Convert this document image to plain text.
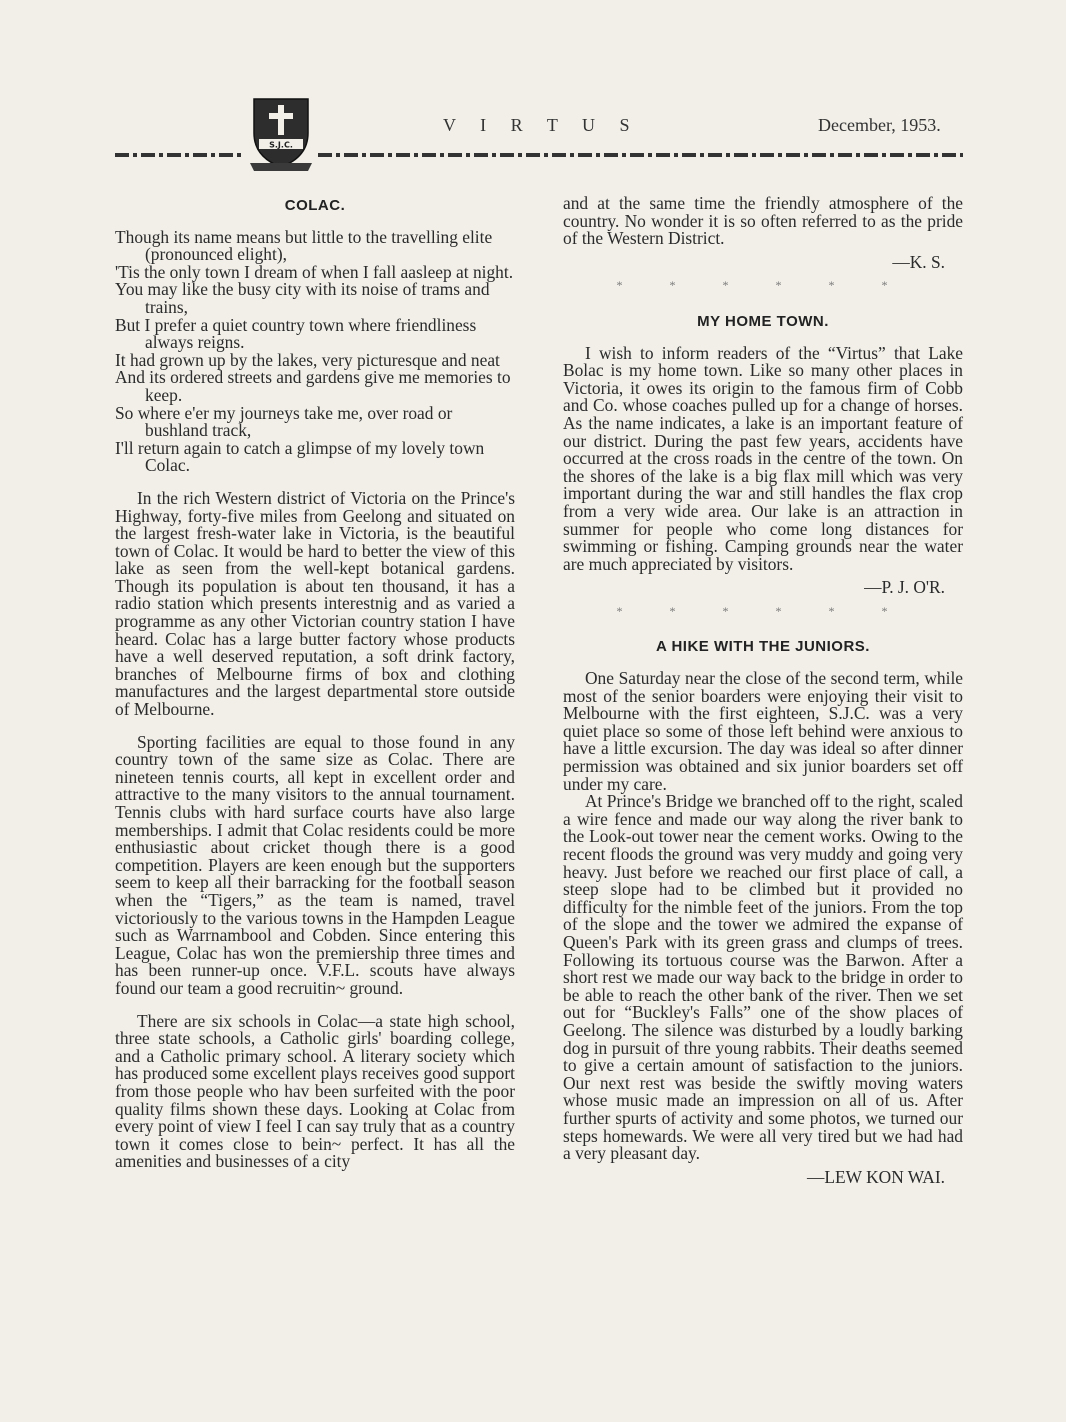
S.J.C.
V I R T U S	December, 1953.
COLAC.

Though its name means but little to the travelling elite (pronounced elight),

'Tis the only town I dream of when I fall aasleep at night.

You may like the busy city with its noise of trams and trains,

But I prefer a quiet country town where friendliness always reigns.

It had grown up by the lakes, very picturesque and neat

And its ordered streets and gardens give me memories to keep.

So where e'er my journeys take me, over road or bushland track,

I'll return again to catch a glimpse of my lovely town Colac.

In the rich Western district of Victoria on the Prince's Highway, forty-five miles from Geelong and situated on the largest fresh-water lake in Victoria, is the beautiful town of Colac. It would be hard to better the view of this lake as seen from the well-kept botanical gardens. Though its population is about ten thousand, it has a radio station which presents interestnig and as varied a programme as any other Victorian country station I have heard. Colac has a large butter factory whose products have a well deserved reputation, a soft drink factory, branches of Melbourne firms of box and clothing manufactures and the largest departmental store outside of Melbourne.

Sporting facilities are equal to those found in any country town of the same size as Colac. There are nineteen tennis courts, all kept in excellent order and attractive to the many visitors to the annual tournament. Tennis clubs with hard surface courts have also large memberships. I admit that Colac residents could be more enthusiastic about cricket though there is a good competition. Players are keen enough but the supporters seem to keep all their barracking for the football season when the “Tigers,” as the team is named, travel victoriously to the various towns in the Hampden League such as Warrnambool and Cobden. Since entering this League, Colac has won the premiership three times and has been runner-up once. V.F.L. scouts have always found our team a good recruitin~ ground.

There are six schools in Colac—a state high school, three state schools, a Catholic girls' boarding college, and a Catholic primary school. A literary society which has produced some excellent plays receives good support from those people who hav been surfeited with the poor quality films shown these days. Looking at Colac from every point of view I feel I can say truly that as a country town it comes close to bein~ perfect. It has all the amenities and businesses of a city

and at the same time the friendly atmosphere of the country. No wonder it is so often referred to as the pride of the Western District.

—K. S.

* * * * * *
MY HOME TOWN.

I wish to inform readers of the “Virtus” that Lake Bolac is my home town. Like so many other places in Victoria, it owes its origin to the famous firm of Cobb and Co. whose coaches pulled up for a change of horses. As the name indicates, a lake is an important feature of our district. During the past few years, accidents have occurred at the cross roads in the centre of the town. On the shores of the lake is a big flax mill which was very important during the war and still handles the flax crop from a very wide area. Our lake is an attraction in summer for people who come long distances for swimming or fishing. Camping grounds near the water are much appreciated by visitors.

—P. J. O'R.

* * * * * *
A HIKE WITH THE JUNIORS.

One Saturday near the close of the second term, while most of the senior boarders were enjoying their visit to Melbourne with the first eighteen, S.J.C. was a very quiet place so some of those left behind were anxious to have a little excursion. The day was ideal so after dinner permission was obtained and six junior boarders set off under my care.

At Prince's Bridge we branched off to the right, scaled a wire fence and made our way along the river bank to the Look-out tower near the cement works. Owing to the recent floods the ground was very muddy and going very heavy. Just before we reached our first place of call, a steep slope had to be climbed but it provided no difficulty for the nimble feet of the juniors. From the top of the slope and the tower we admired the expanse of Queen's Park with its green grass and clumps of trees. Following its tortuous course was the Barwon. After a short rest we made our way back to the bridge in order to be able to reach the other bank of the river. Then we set out for “Buckley's Falls” one of the show places of Geelong. The silence was disturbed by a loudly barking dog in pursuit of thre young rabbits. Their deaths seemed to give a certain amount of satisfaction to the juniors. Our next rest was beside the swiftly moving waters whose music made an impression on all of us. After further spurts of activity and some photos, we turned our steps homewards. We were all very tired but we had had a very pleasant day.

—LEW KON WAI.
